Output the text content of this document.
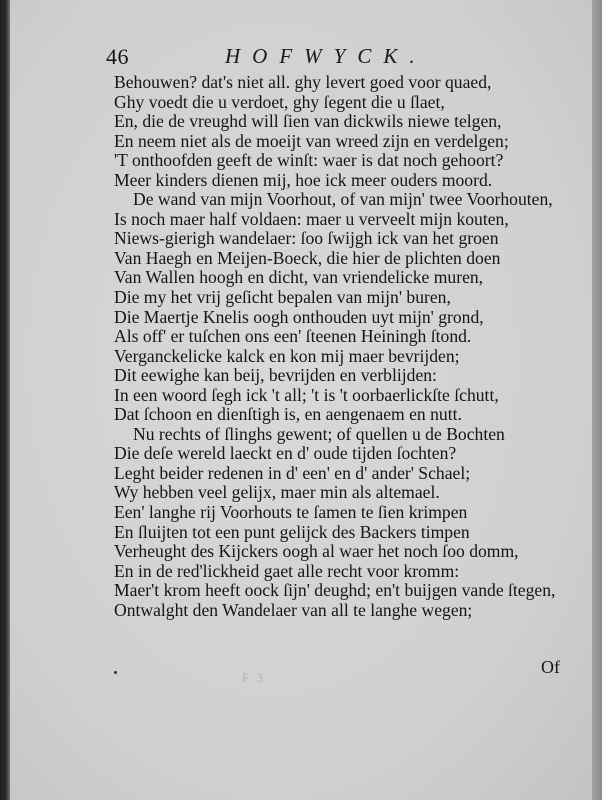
46	HOFWYCK.
Behouwen? dat's niet all. ghy levert goed voor quaed,
Ghy voedt die u verdoet, ghy ſegent die u ſlaet,
En, die de vreughd will ſien van dickwils niewe telgen,
En neem niet als de moeijt van wreed zijn en verdelgen;
'T onthoofden geeft de winſt: waer is dat noch gehoort?
Meer kinders dienen mij, hoe ick meer ouders moord.
De wand van mijn Voorhout, of van mijn' twee Voorhouten,
Is noch maer half voldaen: maer u verveelt mijn kouten,
Niews-gierigh wandelaer: ſoo ſwijgh ick van het groen
Van Haegh en Meijen-Boeck, die hier de plichten doen
Van Wallen hoogh en dicht, van vriendelicke muren,
Die my het vrij geſicht bepalen van mijn' buren,
Die Maertje Knelis oogh onthouden uyt mijn' grond,
Als off' er tuſchen ons een' ſteenen Heiningh ſtond.
Verganckelicke kalck en kon mij maer bevrijden;
Dit eewighe kan beij, bevrijden en verblijden:
In een woord ſegh ick 't all; 't is 't oorbaerlickſte ſchutt,
Dat ſchoon en dienſtigh is, en aengenaem en nutt.
Nu rechts of ſlinghs gewent; of quellen u de Bochten
Die deſe wereld laeckt en d' oude tijden ſochten?
Leght beider redenen in d' een' en d' ander' Schael;
Wy hebben veel gelijx, maer min als altemael.
Een' langhe rij Voorhouts te ſamen te ſien krimpen
En ſluijten tot een punt gelijck des Backers timpen
Verheught des Kijckers oogh al waer het noch ſoo domm,
En in de red'lickheid gaet alle recht voor kromm:
Maer't krom heeft oock ſijn' deughd; en't buijgen vande ſtegen,
Ontwalght den Wandelaer van all te langhe wegen;
F 3
Of
